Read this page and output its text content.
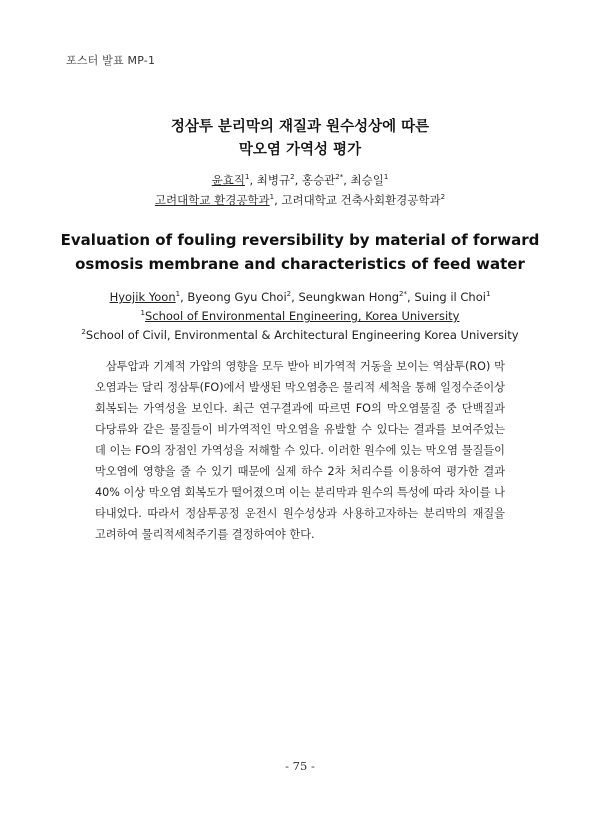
포스터 발표 MP-1
정삼투 분리막의 재질과 원수성상에 따른
막오염 가역성 평가
윤효직$^1$, 최병규$^2$, 홍승관$^{2*}$, 최승일$^1$
고려대학교 환경공학과$^1$, 고려대학교 건축사회환경공학과$^2$
Evaluation of fouling reversibility by material of forward
osmosis membrane and characteristics of feed water
Hyojik Yoon$^1$, Byeong Gyu Choi$^2$, Seungkwan Hong$^{2*}$, Suing il Choi$^1$
$^1$School of Environmental Engineering, Korea University
$^2$School of Civil, Environmental & Architectural Engineering Korea University
삼투압과 기계적 가압의 영향을 모두 받아 비가역적 거동을 보이는 역삼투(RO) 막오염과는 달리 정삼투(FO)에서 발생된 막오염층은 물리적 세척을 통해 일정수준이상 회복되는 가역성을 보인다. 최근 연구결과에 따르면 FO의 막오염물질 중 단백질과 다당류와 같은 물질들이 비가역적인 막오염을 유발할 수 있다는 결과를 보여주었는데 이는 FO의 장점인 가역성을 저해할 수 있다. 이러한 원수에 있는 막오염 물질들이 막오염에 영향을 줄 수 있기 때문에 실제 하수 2차 처리수를 이용하여 평가한 결과 40% 이상 막오염 회복도가 떨어졌으며 이는 분리막과 원수의 특성에 따라 차이를 나타내었다. 따라서 정삼투공정 운전시 원수성상과 사용하고자하는 분리막의 재질을 고려하여 물리적세척주기를 결정하여야 한다.
- 75 -
